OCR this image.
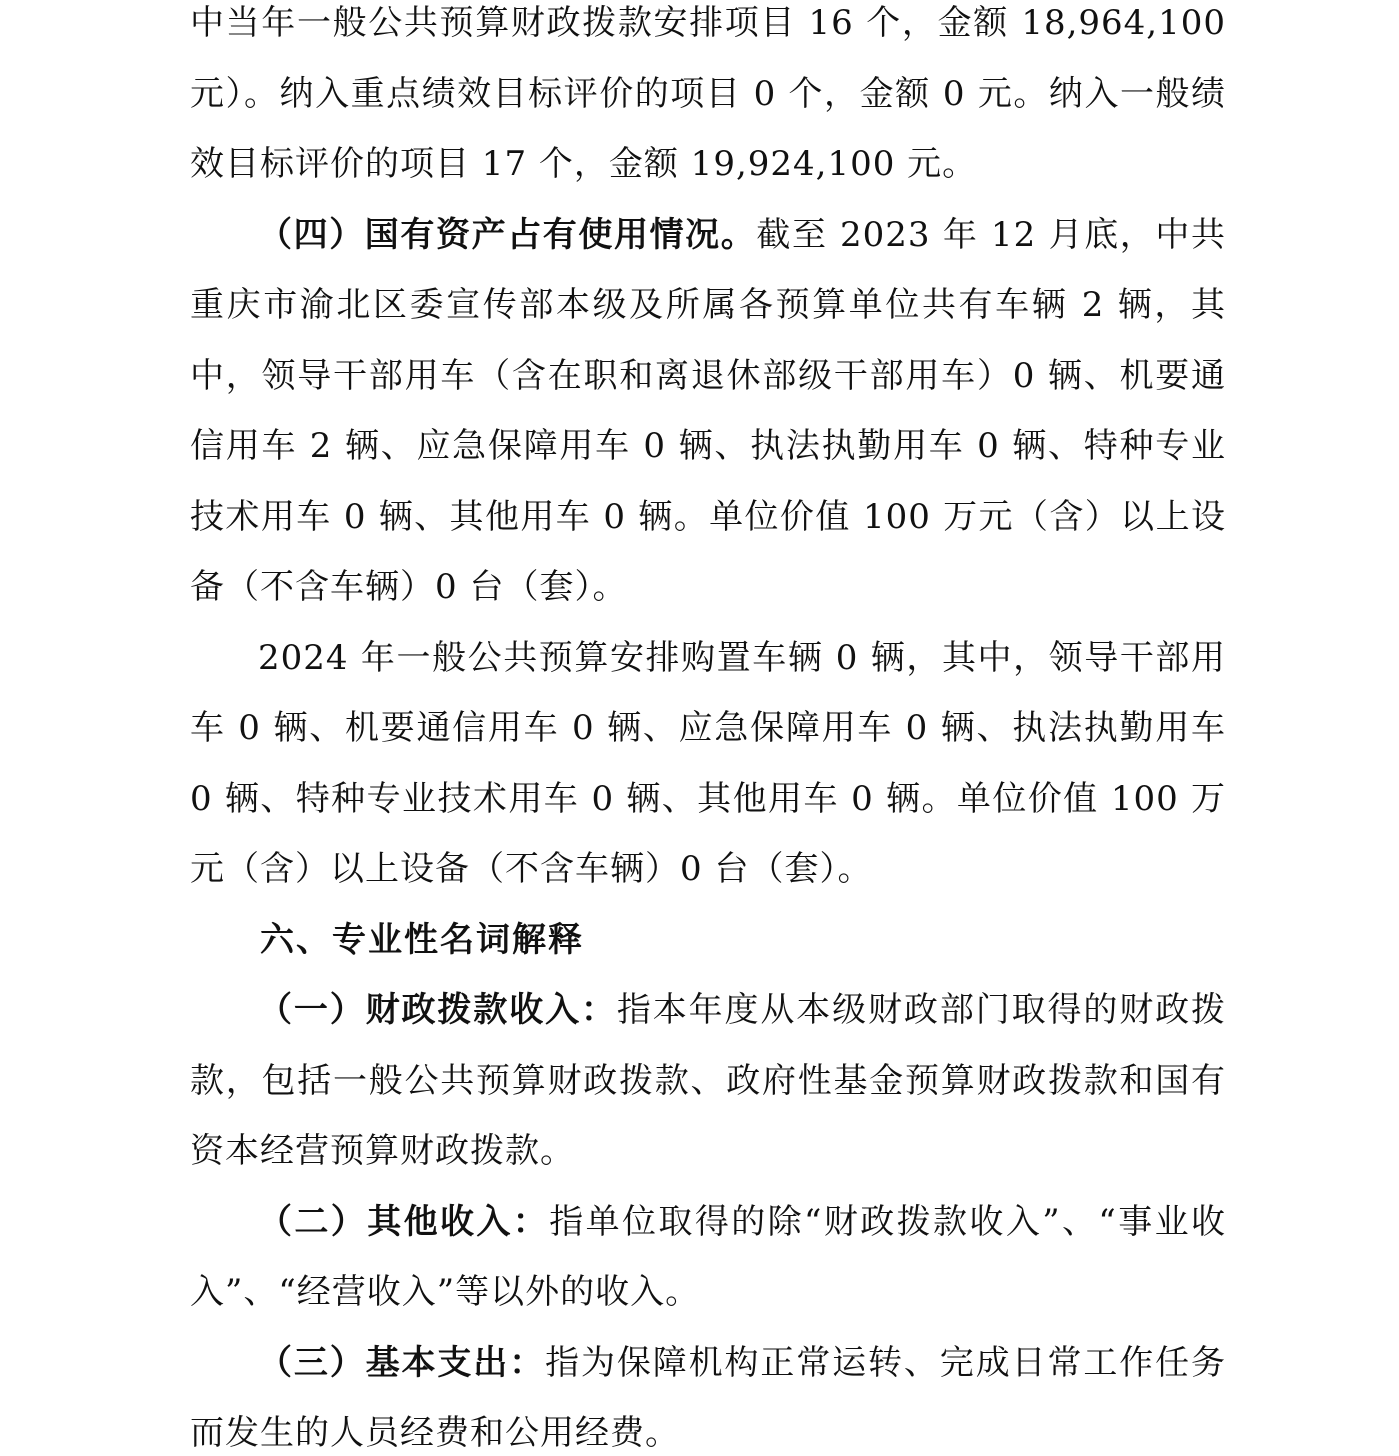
中当年一般公共预算财政拨款安排项目 16 个，金额 18,964,100元）。纳入重点绩效目标评价的项目 0 个，金额 0 元。纳入一般绩效目标评价的项目 17 个，金额 19,924,100 元。

（四）国有资产占有使用情况。截至 2023 年 12 月底，中共重庆市渝北区委宣传部本级及所属各预算单位共有车辆 2 辆，其中，领导干部用车（含在职和离退休部级干部用车）0 辆、机要通信用车 2 辆、应急保障用车 0 辆、执法执勤用车 0 辆、特种专业技术用车 0 辆、其他用车 0 辆。单位价值 100 万元（含）以上设备（不含车辆）0 台（套）。

2024 年一般公共预算安排购置车辆 0 辆，其中，领导干部用车 0 辆、机要通信用车 0 辆、应急保障用车 0 辆、执法执勤用车 0 辆、特种专业技术用车 0 辆、其他用车 0 辆。单位价值 100 万元（含）以上设备（不含车辆）0 台（套）。

六、专业性名词解释

（一）财政拨款收入：指本年度从本级财政部门取得的财政拨款，包括一般公共预算财政拨款、政府性基金预算财政拨款和国有资本经营预算财政拨款。

（二）其他收入：指单位取得的除“财政拨款收入”、“事业收入”、“经营收入”等以外的收入。

（三）基本支出：指为保障机构正常运转、完成日常工作任务而发生的人员经费和公用经费。
